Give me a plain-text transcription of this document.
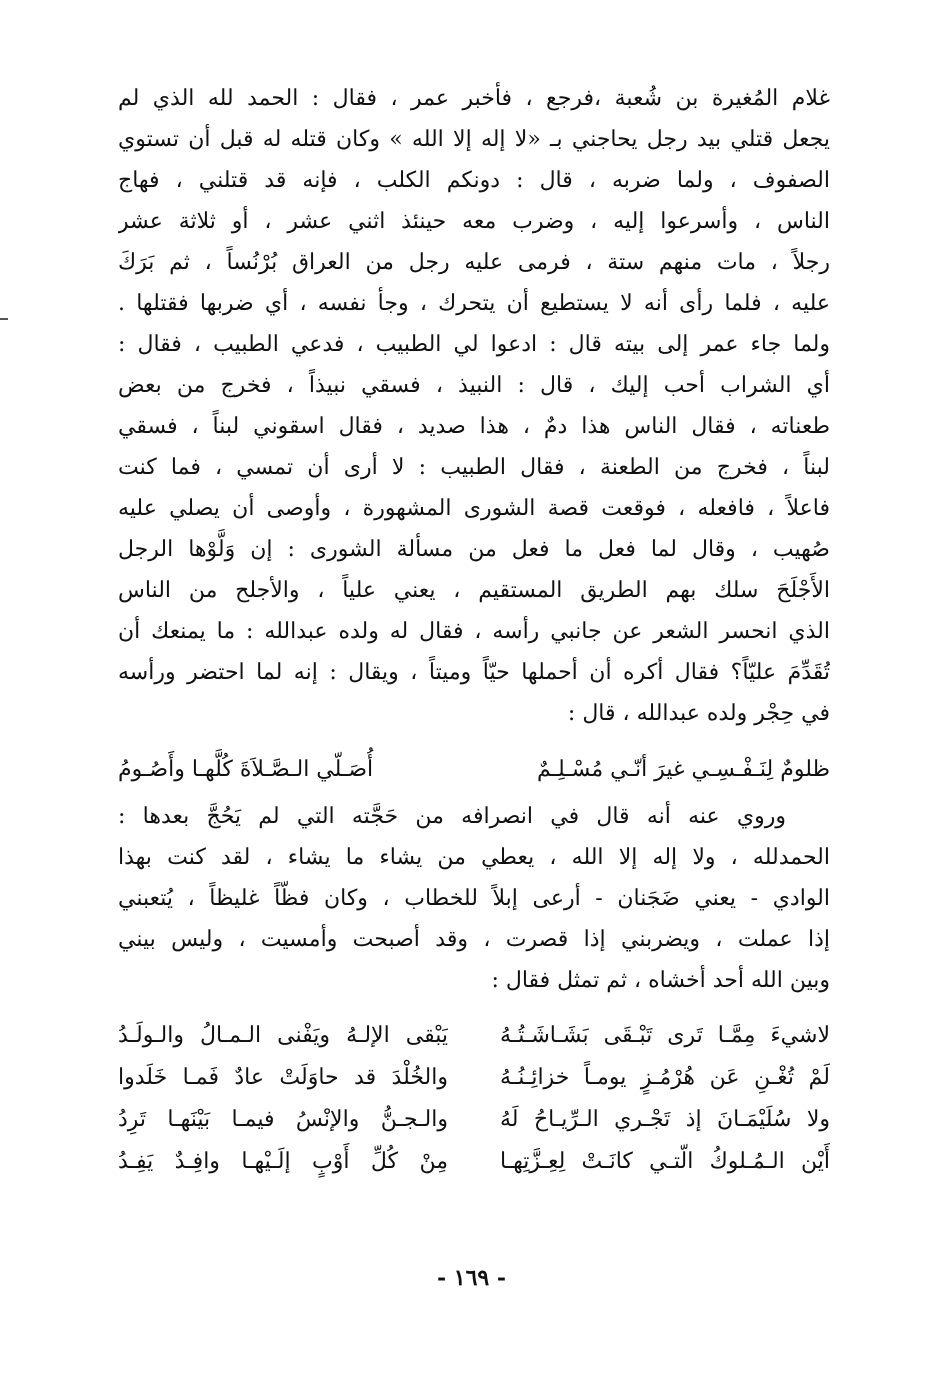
غلام المُغيرة بن شُعبة ،فرجع ، فأخبر عمر ، فقال : الحمد لله الذي لم
يجعل قتلي بيد رجل يحاجني بـ «لا إله إلا الله » وكان قتله له قبل أن تستوي
الصفوف ، ولما ضربه ، قال : دونكم الكلب ، فإنه قد قتلني ، فهاج
الناس ، وأسرعوا إليه ، وضرب معه حينئذ اثني عشر ، أو ثلاثة عشر
رجلاً ، مات منهم ستة ، فرمى عليه رجل من العراق بُرْنُساً ، ثم بَرَكَ
عليه ، فلما رأى أنه لا يستطيع أن يتحرك ، وجأ نفسه ، أي ضربها فقتلها .
ولما جاء عمر إلى بيته قال : ادعوا لي الطبيب ، فدعي الطبيب ، فقال :
أي الشراب أحب إليك ، قال : النبيذ ، فسقي نبيذاً ، فخرج من بعض
طعناته ، فقال الناس هذا دمٌ ، هذا صديد ، فقال اسقوني لبناً ، فسقي
لبناً ، فخرج من الطعنة ، فقال الطبيب : لا أرى أن تمسي ، فما كنت
فاعلاً ، فافعله ، فوقعت قصة الشورى المشهورة ، وأوصى أن يصلي عليه
صُهيب ، وقال لما فعل ما فعل من مسألة الشورى : إن وَلَّوْها الرجل
الأَجْلَحَ سلك بهم الطريق المستقيم ، يعني علياً ، والأجلح من الناس
الذي انحسر الشعر عن جانبي رأسه ، فقال له ولده عبدالله : ما يمنعك أن
تُقَدِّمَ عليّاً؟ فقال أكره أن أحملها حيّاً وميتاً ، ويقال : إنه لما احتضر ورأسه
في حِجْر ولده عبدالله ، قال :
ظلومٌ لِنَـفْـسِـي غيرَ أنّـي مُسْـلِـمٌ
أُصَـلّي الـصَّـلاَةَ كُلَّهـا وأَصُـومُ
وروي عنه أنه قال في انصرافه من حَجَّته التي لم يَحُجَّ بعدها :
الحمدلله ، ولا إله إلا الله ، يعطي من يشاء ما يشاء ، لقد كنت بهذا
الوادي - يعني ضَجَنان - أرعى إبلاً للخطاب ، وكان فظّاً غليظاً ، يُتعبني
إذا عملت ، ويضربني إذا قصرت ، وقد أصبحت وأمسيت ، وليس بيني
وبين الله أحد أخشاه ، ثم تمثل فقال :
لاشيءَ مِمَّـا تَرى تَبْـقَى بَشَـاشَـتُـهُ
يَبْقى الإلـهُ ويَفْنى الـمـالُ والـولَـدُ
لَمْ تُغْـنِ عَن هُرْمُـزٍ يومـاً خزائِـنُـهُ
والخُلْدَ قد حاوَلَتْ عادٌ فَمـا خَلَدوا
ولا سُلَيْمَـانَ إذ تَجْـري الـرِّيـاحُ لَهُ
والـجـنُّ والإنْسُ فيمـا بَيْنَهـا تَرِدُ
أَيْن الـمُـلوكُ الّتـي كانَـتْ لِعِـزَّتِهـا
مِنْ كُلِّ أَوْبٍ إلَـيْهـا وافِـدٌ يَفِـدُ
- ١٦٩ -
